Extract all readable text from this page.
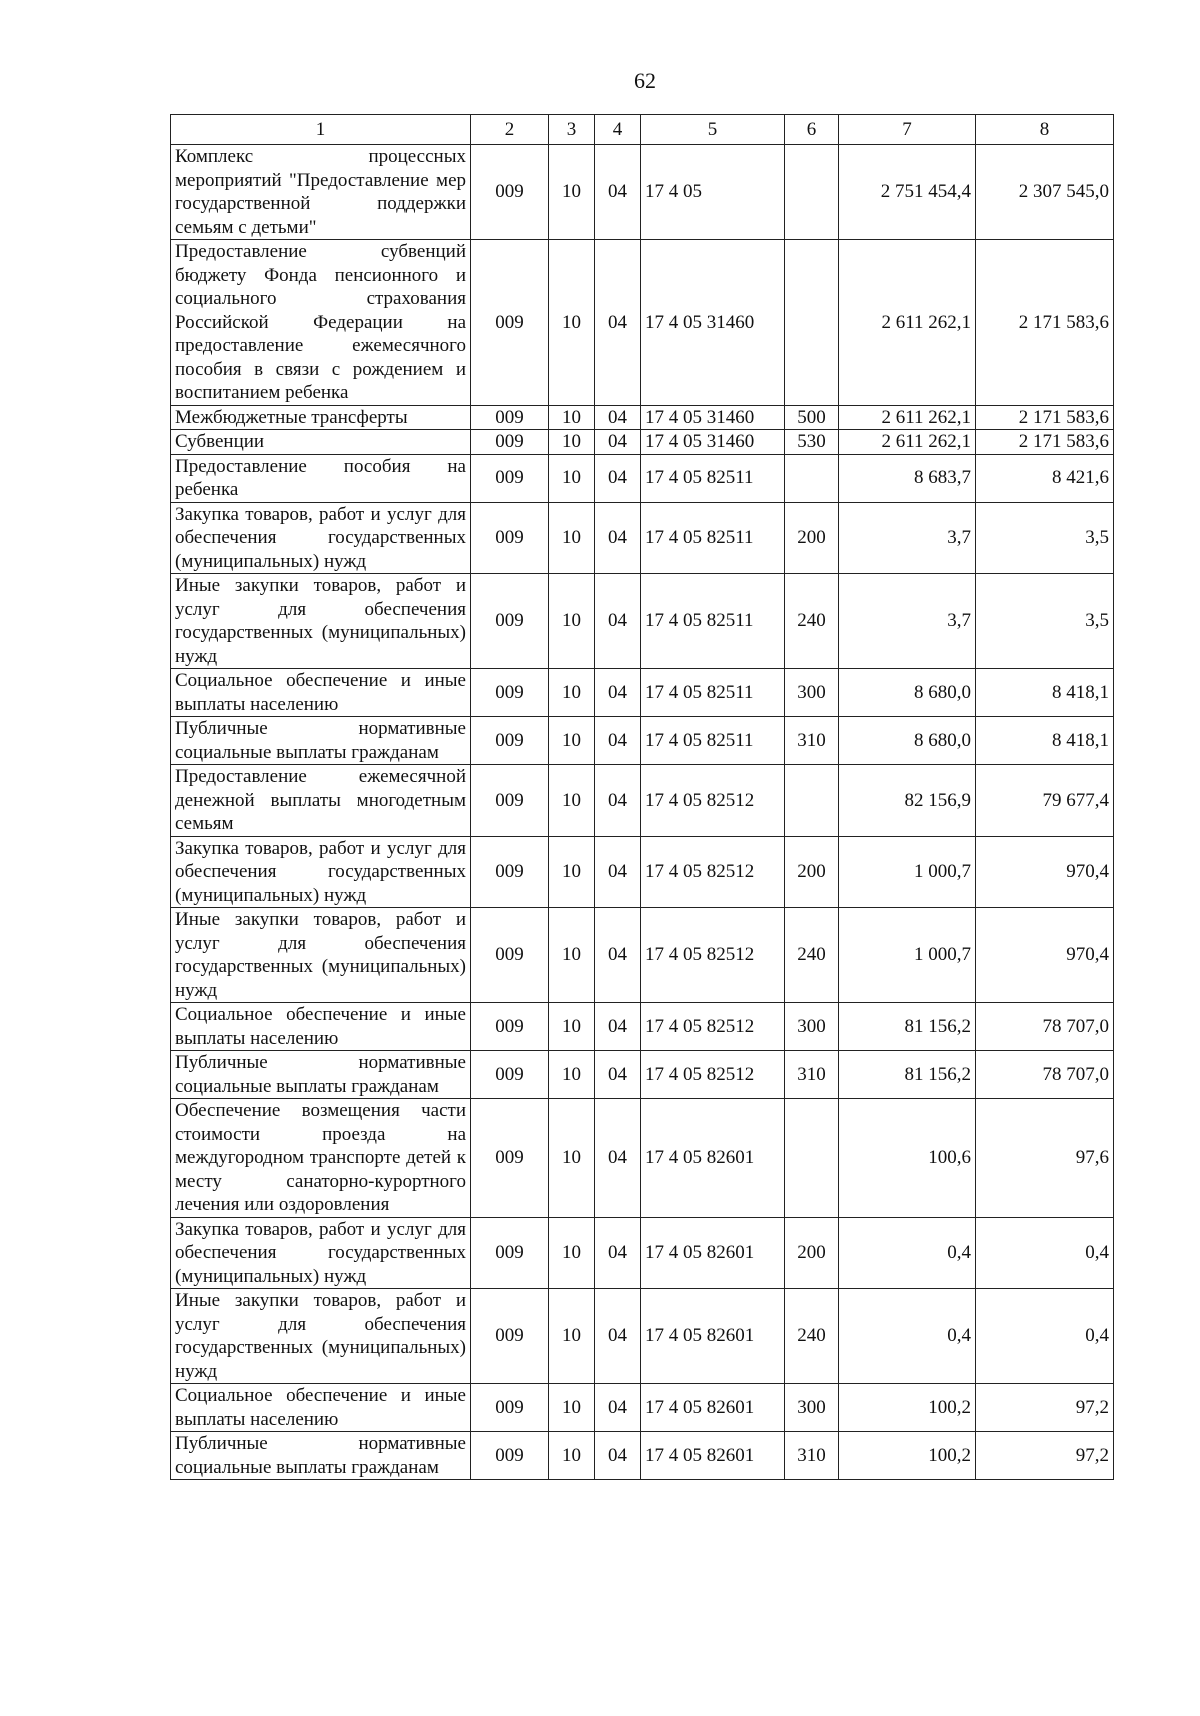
62
1	2	3	4	5	6	7	8
Комплекс процессных мероприятий "Предоставление мер государственной поддержки семьям с детьми"	009	10	04	17 4 05		2 751 454,4	2 307 545,0
Предоставление субвенций бюджету Фонда пенсионного и социального страхования Российской Федерации на предоставление ежемесячного пособия в связи с рождением и воспитанием ребенка	009	10	04	17 4 05 31460		2 611 262,1	2 171 583,6
Межбюджетные трансферты	009	10	04	17 4 05 31460	500	2 611 262,1	2 171 583,6
Субвенции	009	10	04	17 4 05 31460	530	2 611 262,1	2 171 583,6
Предоставление пособия на ребенка	009	10	04	17 4 05 82511		8 683,7	8 421,6
Закупка товаров, работ и услуг для обеспечения государственных (муниципальных) нужд	009	10	04	17 4 05 82511	200	3,7	3,5
Иные закупки товаров, работ и услуг для обеспечения государственных (муниципальных) нужд	009	10	04	17 4 05 82511	240	3,7	3,5
Социальное обеспечение и иные выплаты населению	009	10	04	17 4 05 82511	300	8 680,0	8 418,1
Публичные нормативные социальные выплаты гражданам	009	10	04	17 4 05 82511	310	8 680,0	8 418,1
Предоставление ежемесячной денежной выплаты многодетным семьям	009	10	04	17 4 05 82512		82 156,9	79 677,4
Закупка товаров, работ и услуг для обеспечения государственных (муниципальных) нужд	009	10	04	17 4 05 82512	200	1 000,7	970,4
Иные закупки товаров, работ и услуг для обеспечения государственных (муниципальных) нужд	009	10	04	17 4 05 82512	240	1 000,7	970,4
Социальное обеспечение и иные выплаты населению	009	10	04	17 4 05 82512	300	81 156,2	78 707,0
Публичные нормативные социальные выплаты гражданам	009	10	04	17 4 05 82512	310	81 156,2	78 707,0
Обеспечение возмещения части стоимости проезда на междугородном транспорте детей к месту санаторно-курортного лечения или оздоровления	009	10	04	17 4 05 82601		100,6	97,6
Закупка товаров, работ и услуг для обеспечения государственных (муниципальных) нужд	009	10	04	17 4 05 82601	200	0,4	0,4
Иные закупки товаров, работ и услуг для обеспечения государственных (муниципальных) нужд	009	10	04	17 4 05 82601	240	0,4	0,4
Социальное обеспечение и иные выплаты населению	009	10	04	17 4 05 82601	300	100,2	97,2
Публичные нормативные социальные выплаты гражданам	009	10	04	17 4 05 82601	310	100,2	97,2
